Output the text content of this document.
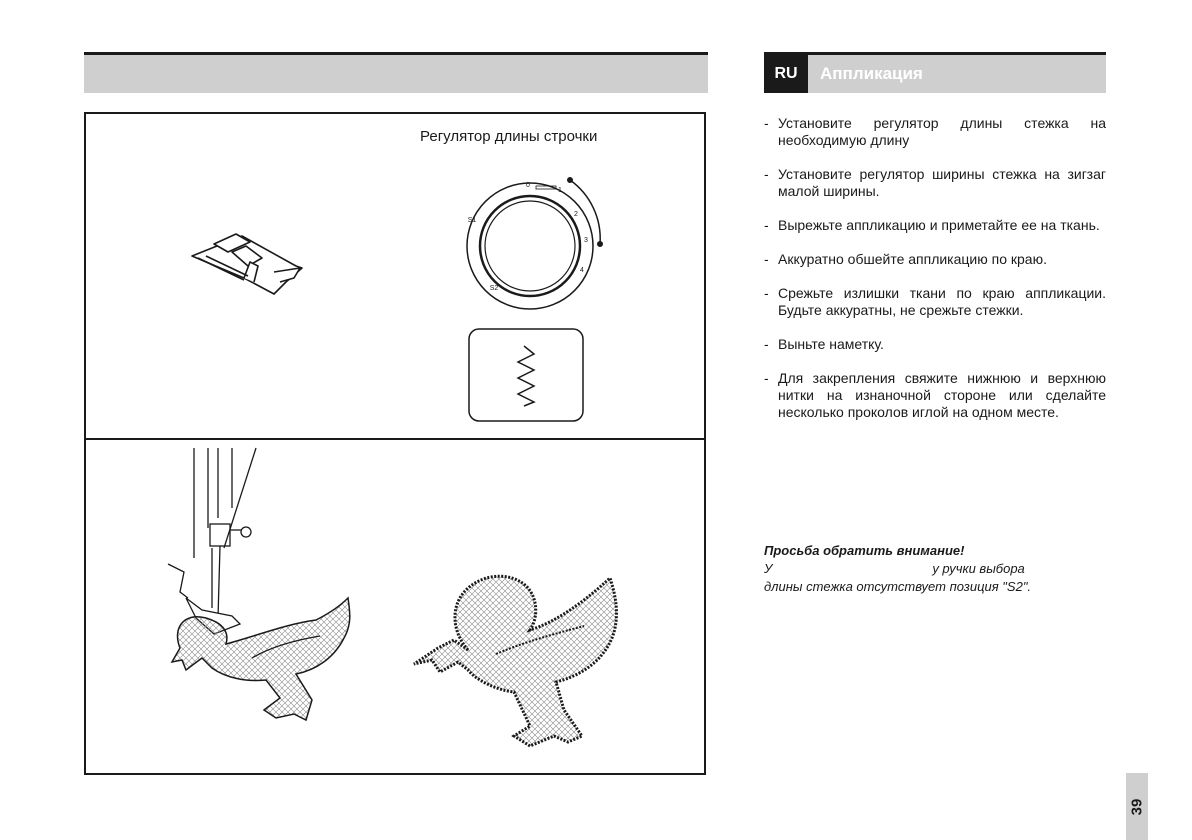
Регулятор длины строчки
0
1
2
3
4
S1
S2
RU	Аппликация
- Установите регулятор длины стежка на необходимую длину
- Установите регулятор ширины стежка на зигзаг малой ширины.
- Вырежьте аппликацию и приметайте ее на ткань.
- Аккуратно обшейте аппликацию по краю.
- Срежьте излишки ткани по краю аппликации. Будьте аккуратны, не срежьте стежки.
- Выньте наметку.
- Для закрепления свяжите нижнюю и верхнюю нитки на изнаночной стороне или сделайте несколько проколов иглой на одном месте.
Просьба обратить внимание!
У	у ручки выбора
длины стежка отсутствует позиция "S2".
39
